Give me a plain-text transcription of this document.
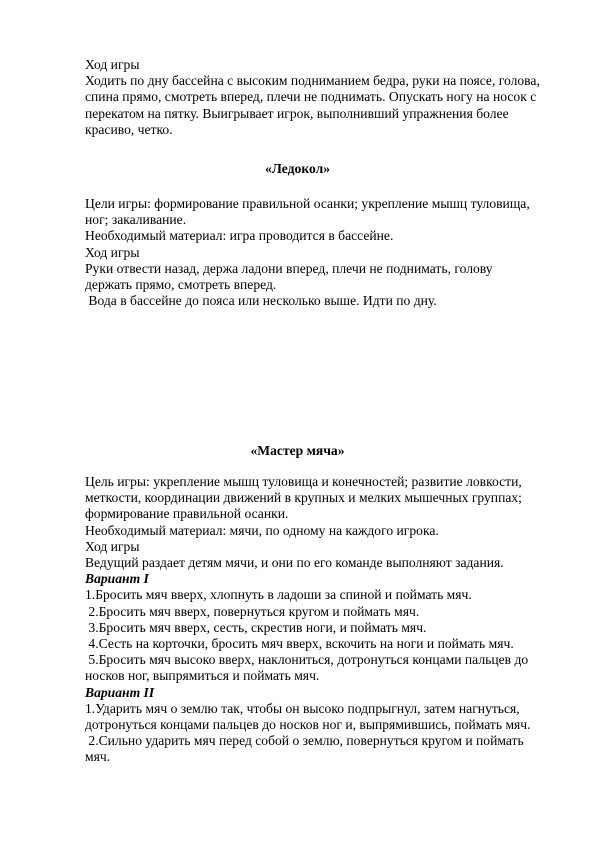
Ход игры

Ходить по дну бассейна с высоким подниманием бедра, руки на поясе, голова,

спина прямо, смотреть вперед, плечи не поднимать. Опускать ногу на носок с

перекатом на пятку. Выигрывает игрок, выполнивший упражнения более

красиво, четко.

«Ледокол»

Цели игры: формирование правильной осанки; укрепление мышц туловища,

ног; закаливание.

Необходимый материал: игра проводится в бассейне.

Ход игры

Руки отвести назад, держа ладони вперед, плечи не поднимать, голову

держать прямо, смотреть вперед.

Вода в бассейне до пояса или несколько выше. Идти по дну.

«Мастер мяча»

Цель игры: укрепление мышц туловища и конечностей; развитие ловкости,

меткости, координации движений в крупных и мелких мышечных группах;

формирование правильной осанки.

Необходимый материал: мячи, по одному на каждого игрока.

Ход игры

Ведущий раздает детям мячи, и они по его команде выполняют задания.

Вариант I

1.Бросить мяч вверх, хлопнуть в ладоши за спиной и поймать мяч.

2.Бросить мяч вверх, повернуться кругом и поймать мяч.

3.Бросить мяч вверх, сесть, скрестив ноги, и поймать мяч.

4.Сесть на корточки, бросить мяч вверх, вскочить на ноги и поймать мяч.

5.Бросить мяч высоко вверх, наклониться, дотронуться концами пальцев до

носков ног, выпрямиться и поймать мяч.

Вариант II

1.Ударить мяч о землю так, чтобы он высоко подпрыгнул, затем нагнуться,

дотронуться концами пальцев до носков ног и, выпрямившись, поймать мяч.

2.Сильно ударить мяч перед собой о землю, повернуться кругом и поймать

мяч.
